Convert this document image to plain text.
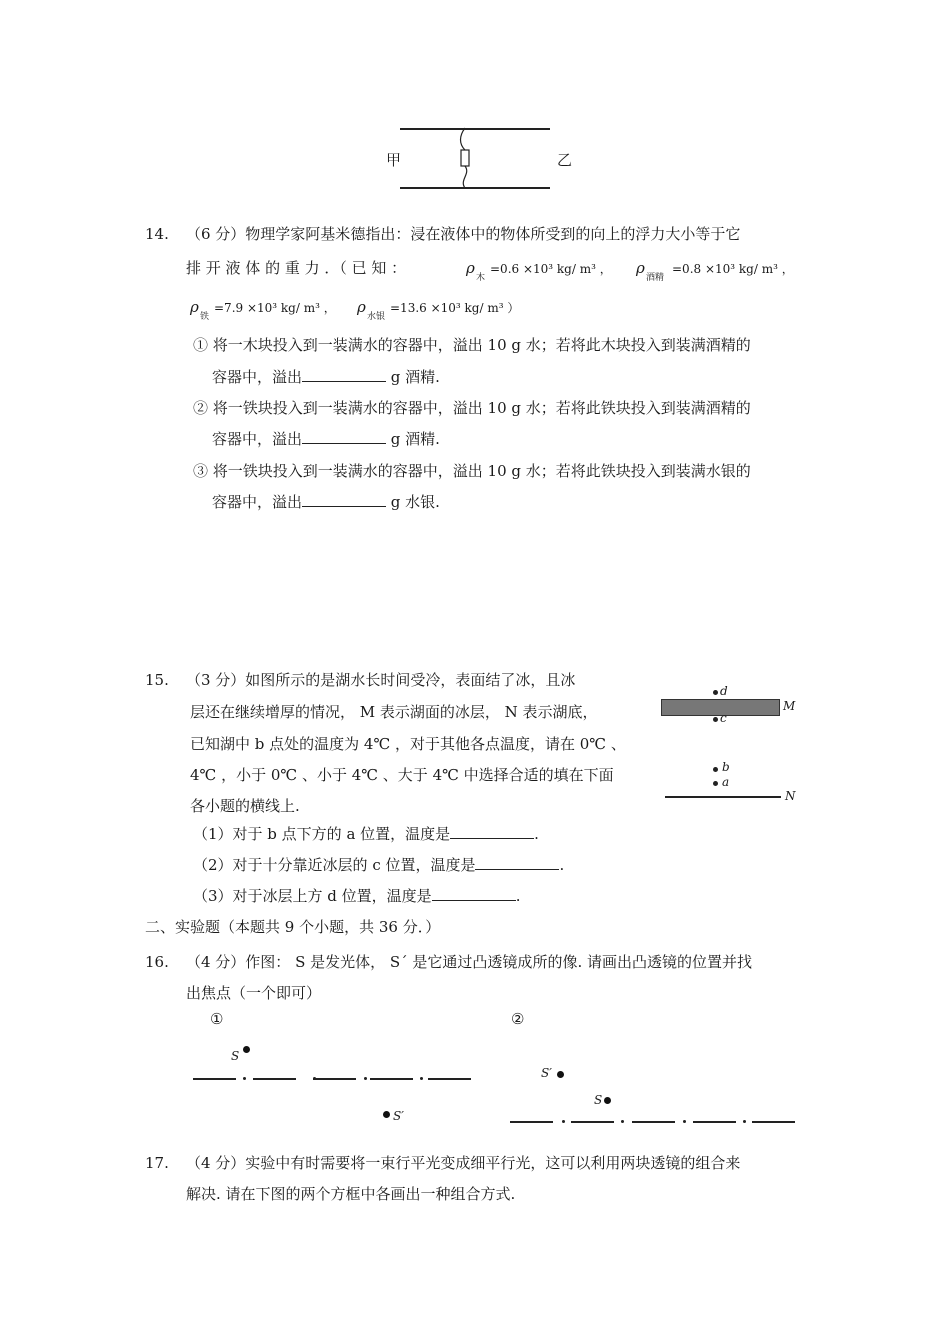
甲	乙
14. （6 分）物理学家阿基米德指出：浸在液体中的物体所受到的向上的浮力大小等于它
排 开 液 体 的 重 力 ．（ 已 知 ：	ρ
木
=0.6 ×10³ kg/ m³ ， ρ
酒精
=0.8 ×10³ kg/ m³ ，
ρ
铁
=7.9 ×10³ kg/ m³ ， ρ
水银
=13.6 ×10³ kg/ m³ ）
① 将一木块投入到一装满水的容器中，溢出 10 g 水；若将此木块投入到装满酒精的
容器中，溢出	g 酒精.
② 将一铁块投入到一装满水的容器中，溢出 10 g 水；若将此铁块投入到装满酒精的
容器中，溢出	g 酒精.
③ 将一铁块投入到一装满水的容器中，溢出 10 g 水；若将此铁块投入到装满水银的
容器中，溢出	g 水银.
15. （3 分）如图所示的是湖水长时间受冷，表面结了冰，且冰
层还在继续增厚的情况， M 表示湖面的冰层， N 表示湖底，
已知湖中 b 点处的温度为 4℃ ，对于其他各点温度，请在 0℃ 、
4℃ ，小于 0℃ 、小于 4℃ 、大于 4℃ 中选择合适的填在下面
各小题的横线上.
（1）对于 b 点下方的 a 位置，温度是	.
（2）对于十分靠近冰层的 c 位置，温度是	.
（3）对于冰层上方 d 位置，温度是	.
d
M
c
b
a
N
二、实验题（本题共 9 个小题，共 36 分．）
16. （4 分）作图： S 是发光体， S´ 是它通过凸透镜成所的像. 请画出凸透镜的位置并找
出焦点（一个即可）
①	②
S
S′
S′
S
17. （4 分）实验中有时需要将一束行平光变成细平行光，这可以利用两块透镜的组合来
解决. 请在下图的两个方框中各画出一种组合方式.
